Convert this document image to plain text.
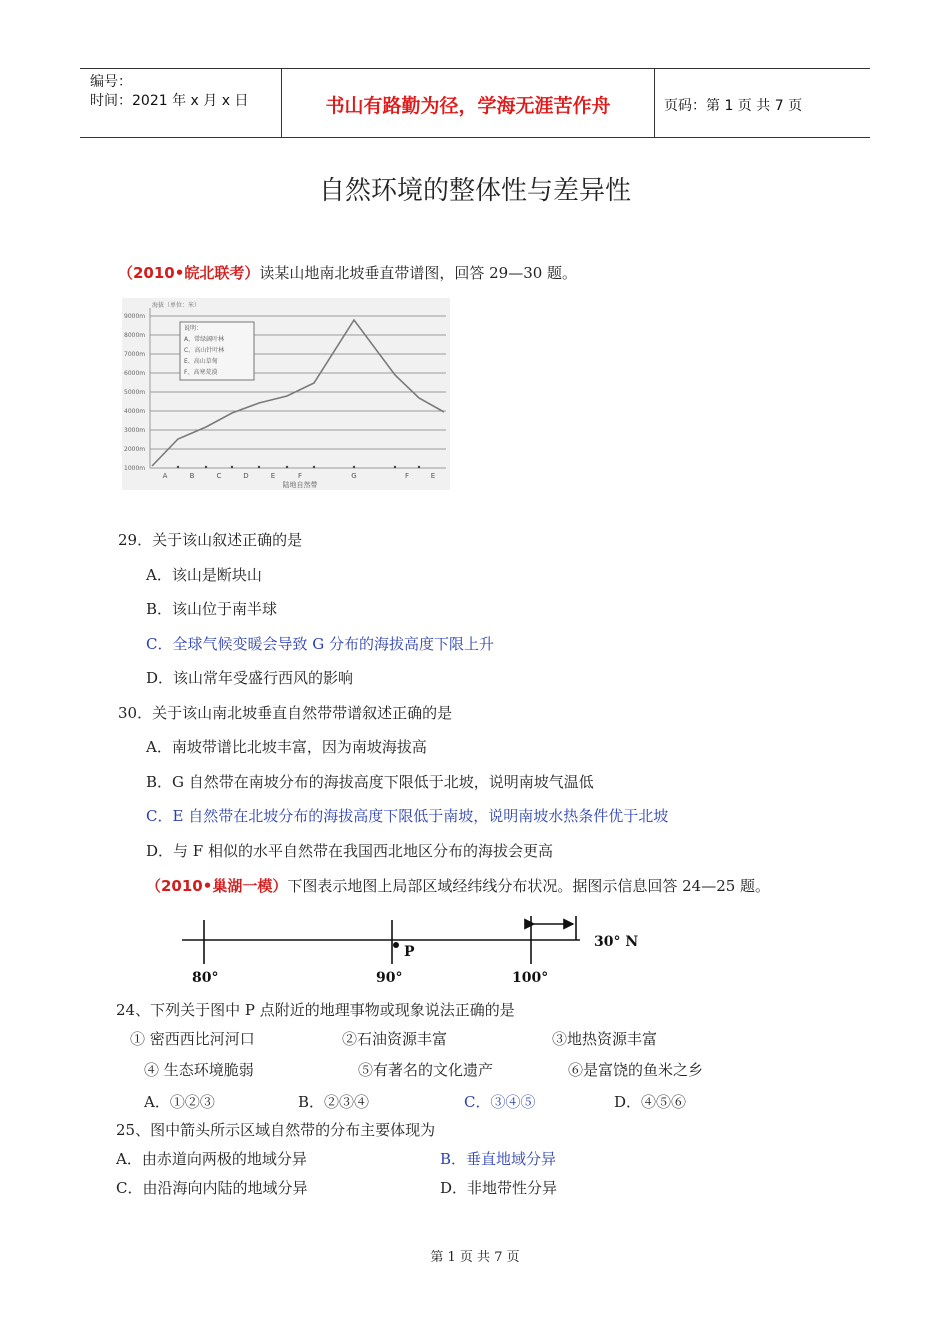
编号：
时间：2021 年 x 月 x 日	书山有路勤为径，学海无涯苦作舟	页码：第 1 页 共 7 页
自然环境的整体性与差异性
（2010•皖北联考）读某山地南北坡垂直带谱图，回答 29—30 题。
9000m
8000m
7000m
6000m
5000m
4000m
3000m
2000m
1000m
海拔（单位：米）
说明：
A、常绿阔叶林
C、高山针叶林
E、高山草甸
F、高寒荒漠
A	B	C	D	E	F	G	F	E
陆地自然带
29．关于该山叙述正确的是
A．该山是断块山
B．该山位于南半球
C．全球气候变暖会导致 G 分布的海拔高度下限上升
D．该山常年受盛行西风的影响
30．关于该山南北坡垂直自然带带谱叙述正确的是
A．南坡带谱比北坡丰富，因为南坡海拔高
B．G 自然带在南坡分布的海拔高度下限低于北坡，说明南坡气温低
C．E 自然带在北坡分布的海拔高度下限低于南坡，说明南坡水热条件优于北坡
D．与 F 相似的水平自然带在我国西北地区分布的海拔会更高
（2010•巢湖一模）下图表示地图上局部区域经纬线分布状况。据图示信息回答 24—25 题。
P
30° N
80°	90°	100°
24、下列关于图中 P 点附近的地理事物或现象说法正确的是
① 密西西比河河口	②石油资源丰富	③地热资源丰富
④ 生态环境脆弱	⑤有著名的文化遗产	⑥是富饶的鱼米之乡
A．①②③	B．②③④	C．③④⑤	D．④⑤⑥
25、图中箭头所示区域自然带的分布主要体现为
A．由赤道向两极的地域分异	B．垂直地域分异
C．由沿海向内陆的地域分异	D．非地带性分异
第 1 页 共 7 页
